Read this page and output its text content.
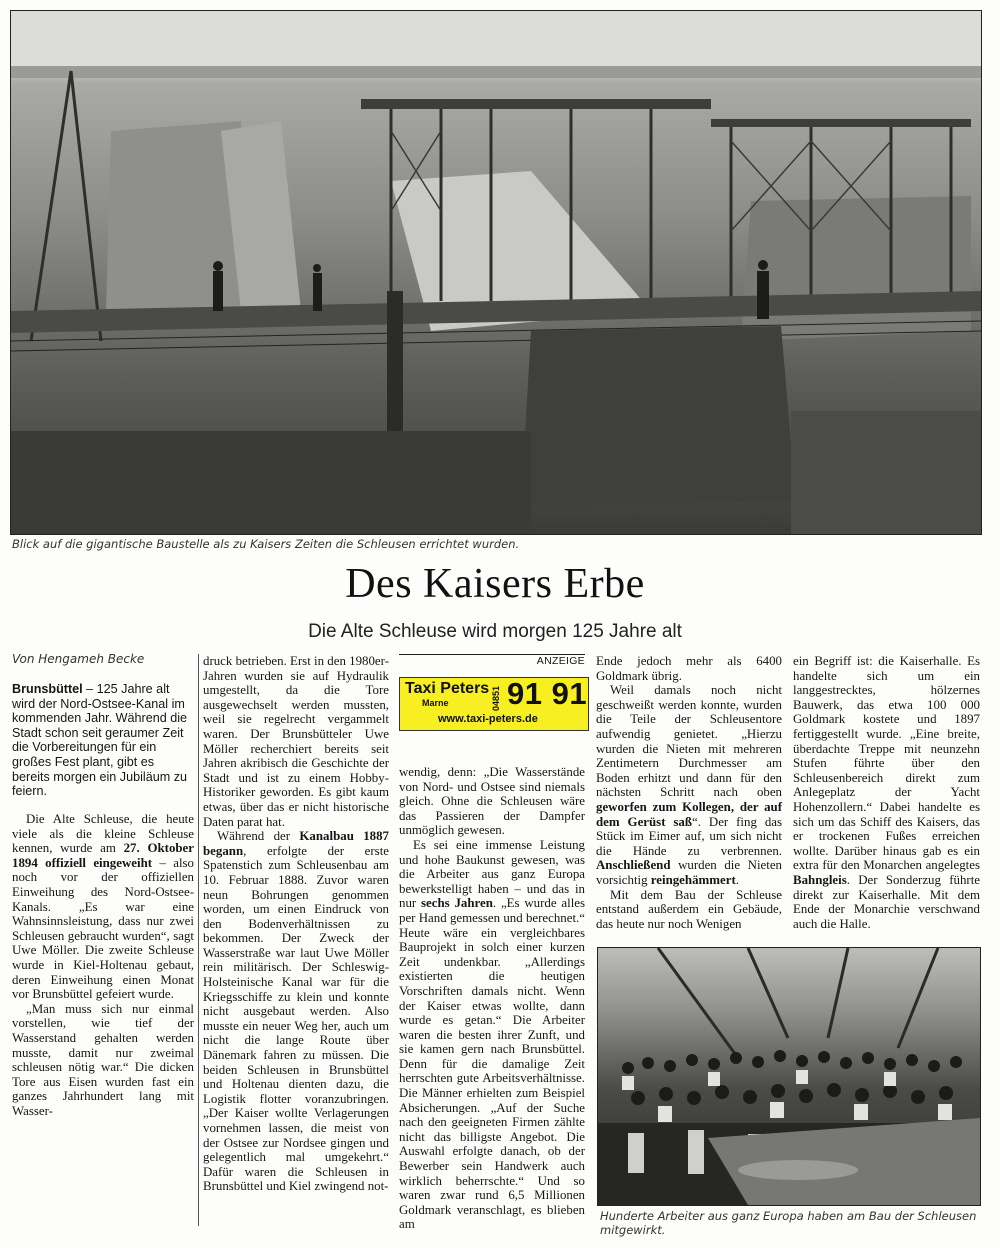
Blick auf die gigantische Baustelle als zu Kaisers Zeiten die Schleusen errichtet wurden.
Des Kaisers Erbe
Die Alte Schleuse wird morgen 125 Jahre alt
Von Hengameh Becke
Brunsbüttel – 125 Jahre alt wird der Nord-Ostsee-Kanal im kommenden Jahr. Während die Stadt schon seit geraumer Zeit die Vorbereitungen für ein großes Fest plant, gibt es bereits morgen ein Jubiläum zu feiern.

Die Alte Schleuse, die heute viele als die kleine Schleuse kennen, wurde am 27. Oktober 1894 offiziell eingeweiht – also noch vor der offiziellen Einweihung des Nord-Ostsee-Kanals. „Es war eine Wahnsinnsleistung, dass nur zwei Schleusen gebraucht wurden“, sagt Uwe Möller. Die zweite Schleuse wurde in Kiel-Holtenau gebaut, deren Einweihung einen Monat vor Brunsbüttel gefeiert wurde.

„Man muss sich nur einmal vorstellen, wie tief der Wasserstand gehalten werden musste, damit nur zweimal schleusen nötig war.“ Die dicken Tore aus Eisen wurden fast ein ganzes Jahrhundert lang mit Wasser-

druck betrieben. Erst in den 1980er-Jahren wurden sie auf Hydraulik umgestellt, da die Tore ausgewechselt werden mussten, weil sie regelrecht vergammelt waren. Der Brunsbütteler Uwe Möller recherchiert bereits seit Jahren akribisch die Geschichte der Stadt und ist zu einem Hobby-Historiker geworden. Es gibt kaum etwas, über das er nicht historische Daten parat hat.

Während der Kanalbau 1887 begann, erfolgte der erste Spatenstich zum Schleusenbau am 10. Februar 1888. Zuvor waren neun Bohrungen genommen worden, um einen Eindruck von den Bodenverhältnissen zu bekommen. Der Zweck der Wasserstraße war laut Uwe Möller rein militärisch. Der Schleswig-Holsteinische Kanal war für die Kriegsschiffe zu klein und konnte nicht ausgebaut werden. Also musste ein neuer Weg her, auch um nicht die lange Route über Dänemark fahren zu müssen. Die beiden Schleusen in Brunsbüttel und Holtenau dienten dazu, die Logistik flotter voranzubringen. „Der Kaiser wollte Verlagerungen vornehmen lassen, die meist von der Ostsee zur Nordsee gingen und gelegentlich mal umgekehrt.“ Dafür waren die Schleusen in Brunsbüttel und Kiel zwingend not-

ANZEIGE
Taxi Peters
Marne	04851 91 91
www.taxi-peters.de

wendig, denn: „Die Wasserstände von Nord- und Ostsee sind niemals gleich. Ohne die Schleusen wäre das Passieren der Dampfer unmöglich gewesen.

Es sei eine immense Leistung und hohe Baukunst gewesen, was die Arbeiter aus ganz Europa bewerkstelligt haben – und das in nur sechs Jahren. „Es wurde alles per Hand gemessen und berechnet.“ Heute wäre ein vergleichbares Bauprojekt in solch einer kurzen Zeit undenkbar. „Allerdings existierten die heutigen Vorschriften damals nicht. Wenn der Kaiser etwas wollte, dann wurde es getan.“ Die Arbeiter waren die besten ihrer Zunft, und sie kamen gern nach Brunsbüttel. Denn für die damalige Zeit herrschten gute Arbeitsverhältnisse. Die Männer erhielten zum Beispiel Absicherungen. „Auf der Suche nach den geeigneten Firmen zählte nicht das billigste Angebot. Die Auswahl erfolgte danach, ob der Bewerber sein Handwerk auch wirklich beherrschte.“ Und so waren zwar rund 6,5 Millionen Goldmark veranschlagt, es blieben am

Ende jedoch mehr als 6400 Goldmark übrig.

Weil damals noch nicht geschweißt werden konnte, wurden die Teile der Schleusentore aufwendig genietet. „Hierzu wurden die Nieten mit mehreren Zentimetern Durchmesser am Boden erhitzt und dann für den nächsten Schritt nach oben geworfen zum Kollegen, der auf dem Gerüst saß“. Der fing das Stück im Eimer auf, um sich nicht die Hände zu verbrennen. Anschließend wurden die Nieten vorsichtig reingehämmert.

Mit dem Bau der Schleuse entstand außerdem ein Gebäude, das heute nur noch Wenigen

ein Begriff ist: die Kaiserhalle. Es handelte sich um ein langgestrecktes, hölzernes Bauwerk, das etwa 100 000 Goldmark kostete und 1897 fertiggestellt wurde. „Eine breite, überdachte Treppe mit neunzehn Stufen führte über den Schleusenbereich direkt zum Anlegeplatz der Yacht Hohenzollern.“ Dabei handelte es sich um das Schiff des Kaisers, das er trockenen Fußes erreichen wollte. Darüber hinaus gab es ein extra für den Monarchen angelegtes Bahngleis. Der Sonderzug führte direkt zur Kaiserhalle. Mit dem Ende der Monarchie verschwand auch die Halle.

Hunderte Arbeiter aus ganz Europa haben am Bau der Schleusen mitgewirkt.
